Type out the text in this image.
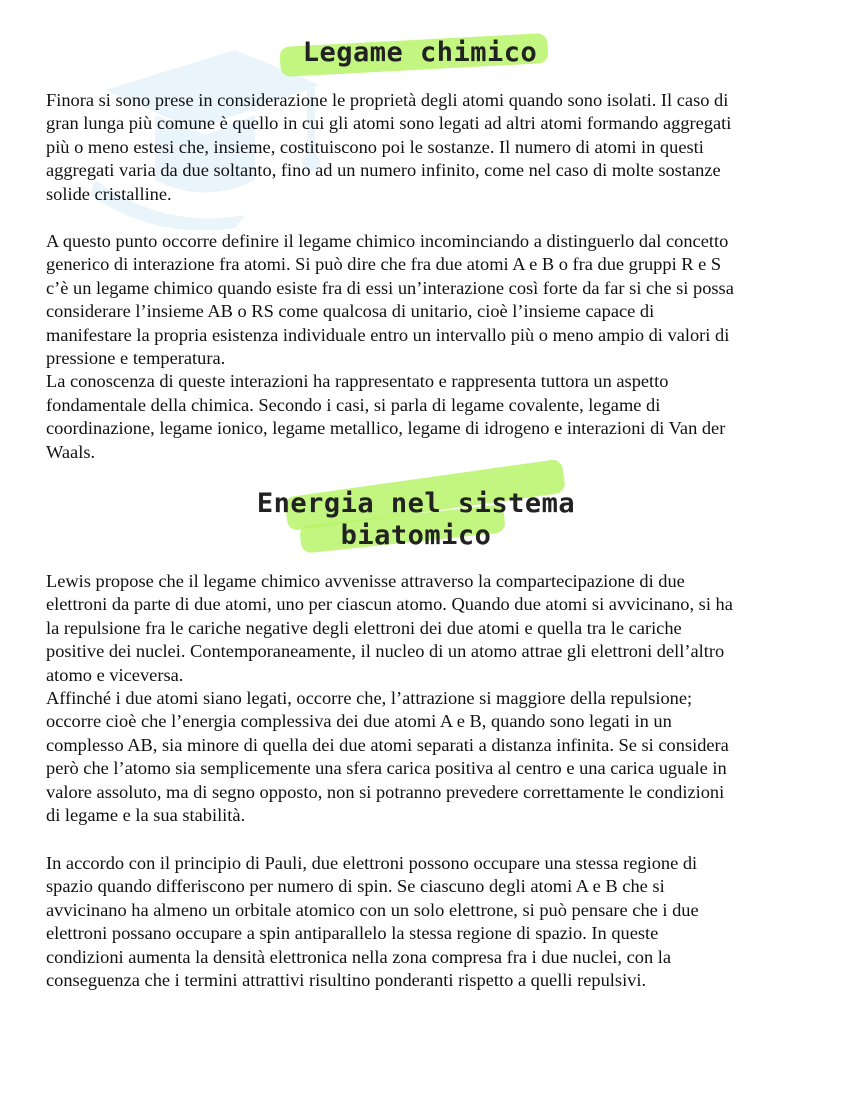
Legame chimico
Finora si sono prese in considerazione le proprietà degli atomi quando sono isolati. Il caso di
gran lunga più comune è quello in cui gli atomi sono legati ad altri atomi formando aggregati
più o meno estesi che, insieme, costituiscono poi le sostanze. Il numero di atomi in questi
aggregati varia da due soltanto, fino ad un numero infinito, come nel caso di molte sostanze
solide cristalline.
A questo punto occorre definire il legame chimico incominciando a distinguerlo dal concetto
generico di interazione fra atomi. Si può dire che fra due atomi A e B o fra due gruppi R e S
c’è un legame chimico quando esiste fra di essi un’interazione così forte da far si che si possa
considerare l’insieme AB o RS come qualcosa di unitario, cioè l’insieme capace di
manifestare la propria esistenza individuale entro un intervallo più o meno ampio di valori di
pressione e temperatura.
La conoscenza di queste interazioni ha rappresentato e rappresenta tuttora un aspetto
fondamentale della chimica. Secondo i casi, si parla di legame covalente, legame di
coordinazione, legame ionico, legame metallico, legame di idrogeno e interazioni di Van der
Waals.
Energia nel sistema
biatomico
Lewis propose che il legame chimico avvenisse attraverso la compartecipazione di due
elettroni da parte di due atomi, uno per ciascun atomo. Quando due atomi si avvicinano, si ha
la repulsione fra le cariche negative degli elettroni dei due atomi e quella tra le cariche
positive dei nuclei. Contemporaneamente, il nucleo di un atomo attrae gli elettroni dell’altro
atomo e viceversa.
Affinché i due atomi siano legati, occorre che, l’attrazione si maggiore della repulsione;
occorre cioè che l’energia complessiva dei due atomi A e B, quando sono legati in un
complesso AB, sia minore di quella dei due atomi separati a distanza infinita. Se si considera
però che l’atomo sia semplicemente una sfera carica positiva al centro e una carica uguale in
valore assoluto, ma di segno opposto, non si potranno prevedere correttamente le condizioni
di legame e la sua stabilità.
In accordo con il principio di Pauli, due elettroni possono occupare una stessa regione di
spazio quando differiscono per numero di spin. Se ciascuno degli atomi A e B che si
avvicinano ha almeno un orbitale atomico con un solo elettrone, si può pensare che i due
elettroni possano occupare a spin antiparallelo la stessa regione di spazio. In queste
condizioni aumenta la densità elettronica nella zona compresa fra i due nuclei, con la
conseguenza che i termini attrattivi risultino ponderanti rispetto a quelli repulsivi.
